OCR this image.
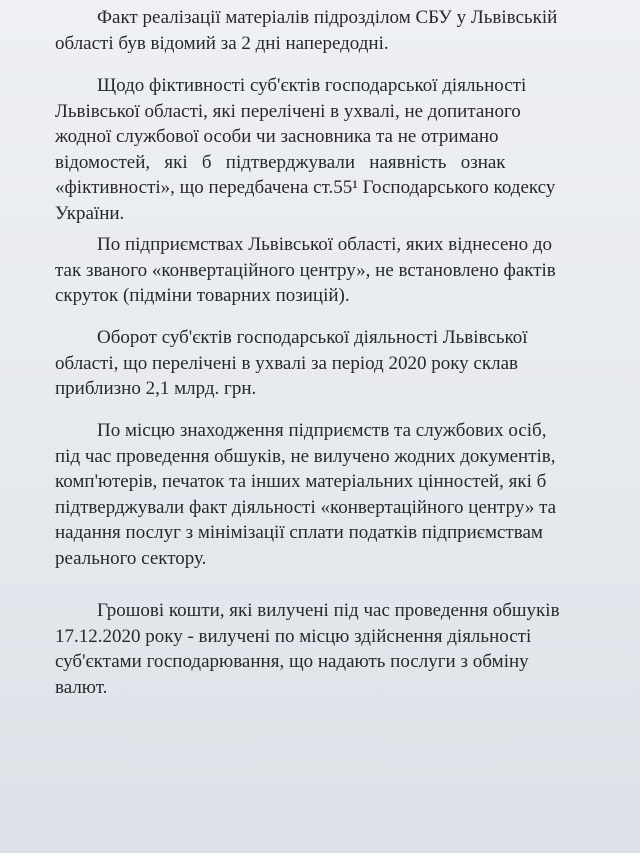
Факт реалізації матеріалів підрозділом СБУ у Львівській
області був відомий за 2 дні напередодні.
Щодо фіктивності суб'єктів господарської діяльності
Львівської області, які перелічені в ухвалі, не допитаного
жодної службової особи чи засновника та не отримано
відомостей,   які   б   підтверджували   наявність   ознак
«фіктивності», що передбачена ст.55¹ Господарського кодексу
України.
По підприємствах Львівської області, яких віднесено до
так званого «конвертаційного центру», не встановлено фактів
скруток (підміни товарних позицій).
Оборот суб'єктів господарської діяльності Львівської
області, що перелічені в ухвалі за період 2020 року склав
приблизно 2,1 млрд. грн.
По місцю знаходження підприємств та службових осіб,
під час проведення обшуків, не вилучено жодних документів,
комп'ютерів, печаток та інших матеріальних цінностей, які б
підтверджували факт діяльності «конвертаційного центру» та
надання послуг з мінімізації сплати податків підприємствам
реального сектору.
Грошові кошти, які вилучені під час проведення обшуків
17.12.2020 року - вилучені по місцю здійснення діяльності
суб'єктами господарювання, що надають послуги з обміну
валют.
